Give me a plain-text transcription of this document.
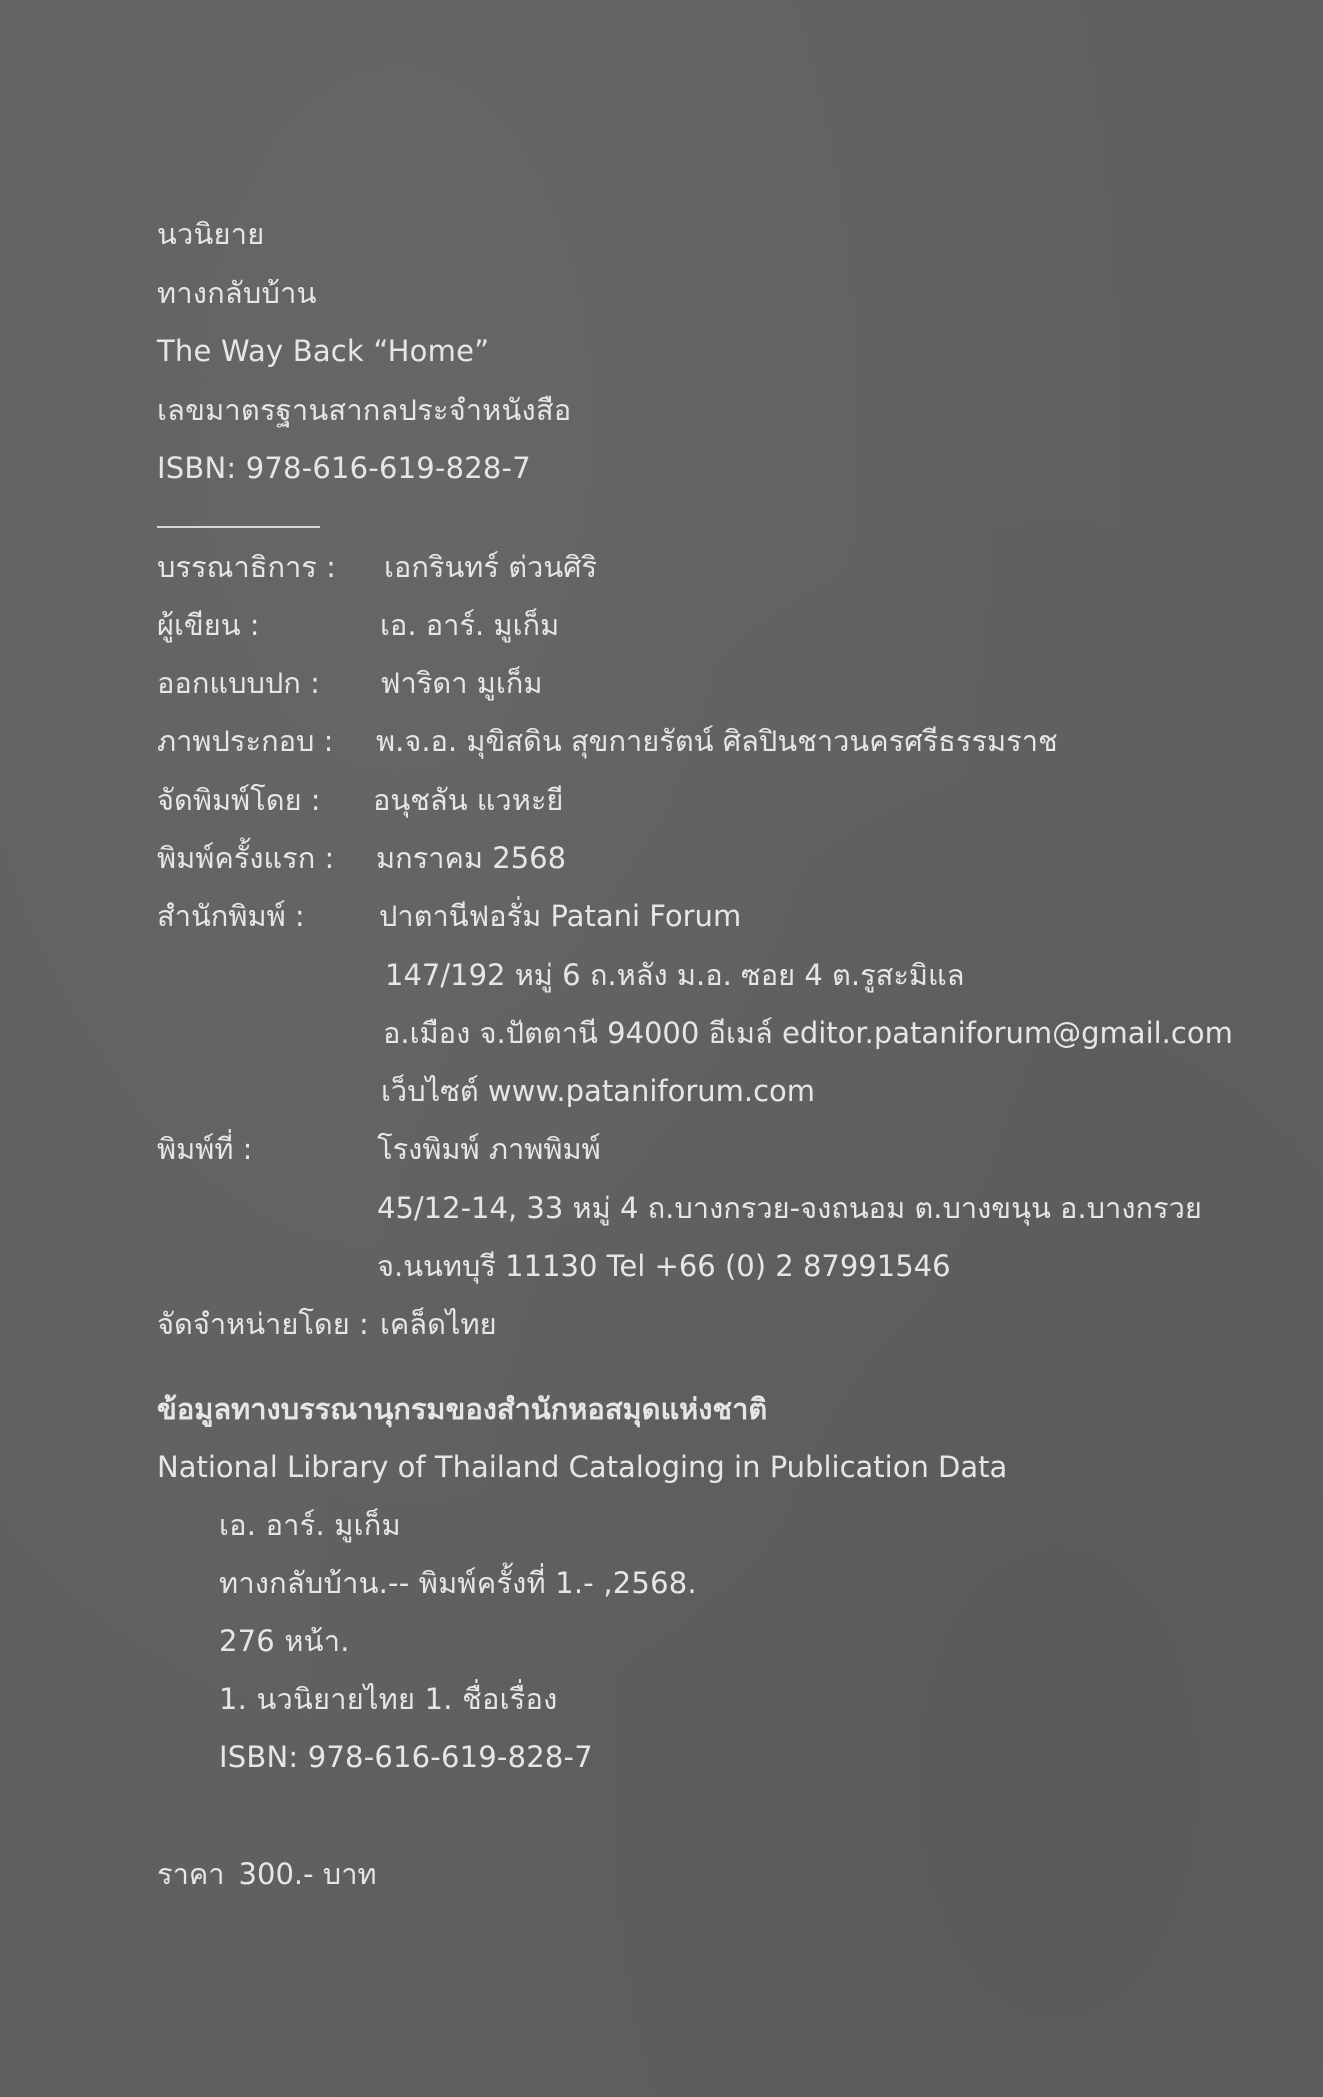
นวนิยาย
ทางกลับบ้าน
The Way Back “Home”
เลขมาตรฐานสากลประจำหนังสือ
ISBN: 978-616-619-828-7
บรรณาธิการ : เอกรินทร์ ต่วนศิริ
ผู้เขียน :	เอ. อาร์. มูเก็ม
ออกแบบปก : ฟาริดา มูเก็ม
ภาพประกอบ : พ.จ.อ. มุขิสดิน สุขกายรัตน์ ศิลปินชาวนครศรีธรรมราช
จัดพิมพ์โดย : อนุชลัน แวหะยี
พิมพ์ครั้งแรก : มกราคม 2568
สำนักพิมพ์ :	ปาตานีฟอรั่ม Patani Forum
147/192 หมู่ 6 ถ.หลัง ม.อ. ซอย 4 ต.รูสะมิแล
อ.เมือง จ.ปัตตานี 94000 อีเมล์ editor.pataniforum@gmail.com
เว็บไซต์ www.pataniforum.com
พิมพ์ที่ :	โรงพิมพ์ ภาพพิมพ์
45/12-14, 33 หมู่ 4 ถ.บางกรวย-จงถนอม ต.บางขนุน อ.บางกรวย
จ.นนทบุรี 11130 Tel +66 (0) 2 87991546
จัดจำหน่ายโดย : เคล็ดไทย
ข้อมูลทางบรรณานุกรมของสำนักหอสมุดแห่งชาติ
National Library of Thailand Cataloging in Publication Data
เอ. อาร์. มูเก็ม
ทางกลับบ้าน.-- พิมพ์ครั้งที่ 1.- ,2568.
276 หน้า.
1. นวนิยายไทย 1. ชื่อเรื่อง
ISBN: 978-616-619-828-7
ราคา 300.- บาท
